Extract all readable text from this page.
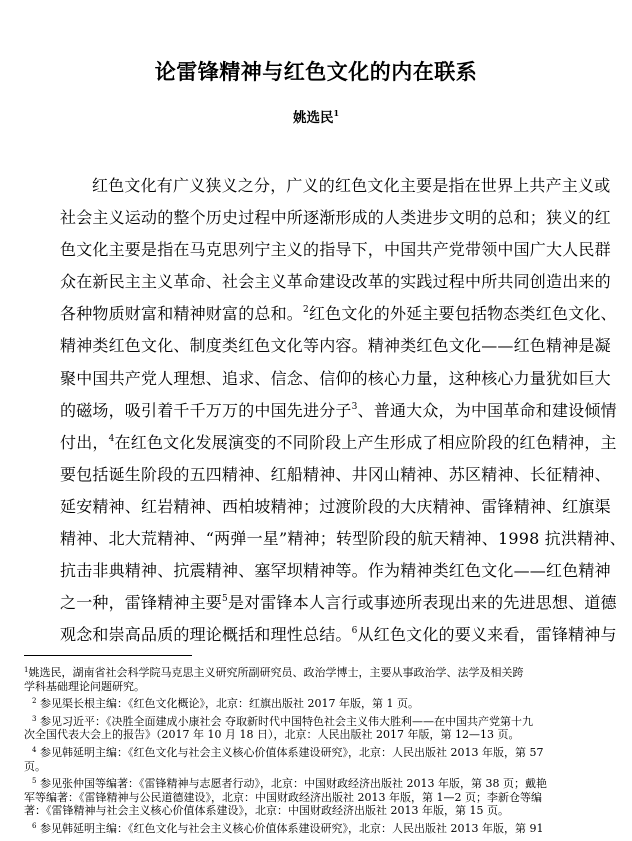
论雷锋精神与红色文化的内在联系
姚选民$^1$
红色文化有广义狭义之分，广义的红色文化主要是指在世界上共产主义或
社会主义运动的整个历史过程中所逐渐形成的人类进步文明的总和；狭义的红
色文化主要是指在马克思列宁主义的指导下，中国共产党带领中国广大人民群
众在新民主主义革命、社会主义革命建设改革的实践过程中所共同创造出来的
各种物质财富和精神财富的总和。$^2$红色文化的外延主要包括物态类红色文化、
精神类红色文化、制度类红色文化等内容。精神类红色文化——红色精神是凝
聚中国共产党人理想、追求、信念、信仰的核心力量，这种核心力量犹如巨大
的磁场，吸引着千千万万的中国先进分子$^3$、普通大众，为中国革命和建设倾情
付出，$^4$在红色文化发展演变的不同阶段上产生形成了相应阶段的红色精神，主
要包括诞生阶段的五四精神、红船精神、井冈山精神、苏区精神、长征精神、
延安精神、红岩精神、西柏坡精神；过渡阶段的大庆精神、雷锋精神、红旗渠
精神、北大荒精神、“两弹一星”精神；转型阶段的航天精神、1998 抗洪精神、
抗击非典精神、抗震精神、塞罕坝精神等。作为精神类红色文化——红色精神
之一种，雷锋精神主要$^5$是对雷锋本人言行或事迹所表现出来的先进思想、道德
观念和崇高品质的理论概括和理性总结。$^6$从红色文化的要义来看，雷锋精神与
$^1$姚选民，湖南省社会科学院马克思主义研究所副研究员、政治学博士，主要从事政治学、法学及相关跨
学科基础理论问题研究。
$^2$ 参见渠长根主编：《红色文化概论》，北京：红旗出版社 2017 年版，第 1 页。
$^3$ 参见习近平：《决胜全面建成小康社会 夺取新时代中国特色社会主义伟大胜利——在中国共产党第十九
次全国代表大会上的报告》（2017 年 10 月 18 日），北京：人民出版社 2017 年版，第 12—13 页。
$^4$ 参见韩延明主编：《红色文化与社会主义核心价值体系建设研究》，北京：人民出版社 2013 年版，第 57
页。
$^5$ 参见张仲国等编著：《雷锋精神与志愿者行动》，北京：中国财政经济出版社 2013 年版，第 38 页；戴艳
军等编著：《雷锋精神与公民道德建设》，北京：中国财政经济出版社 2013 年版，第 1—2 页；李新仓等编
著：《雷锋精神与社会主义核心价值体系建设》，北京：中国财政经济出版社 2013 年版，第 15 页。
$^6$ 参见韩延明主编：《红色文化与社会主义核心价值体系建设研究》，北京：人民出版社 2013 年版，第 91
